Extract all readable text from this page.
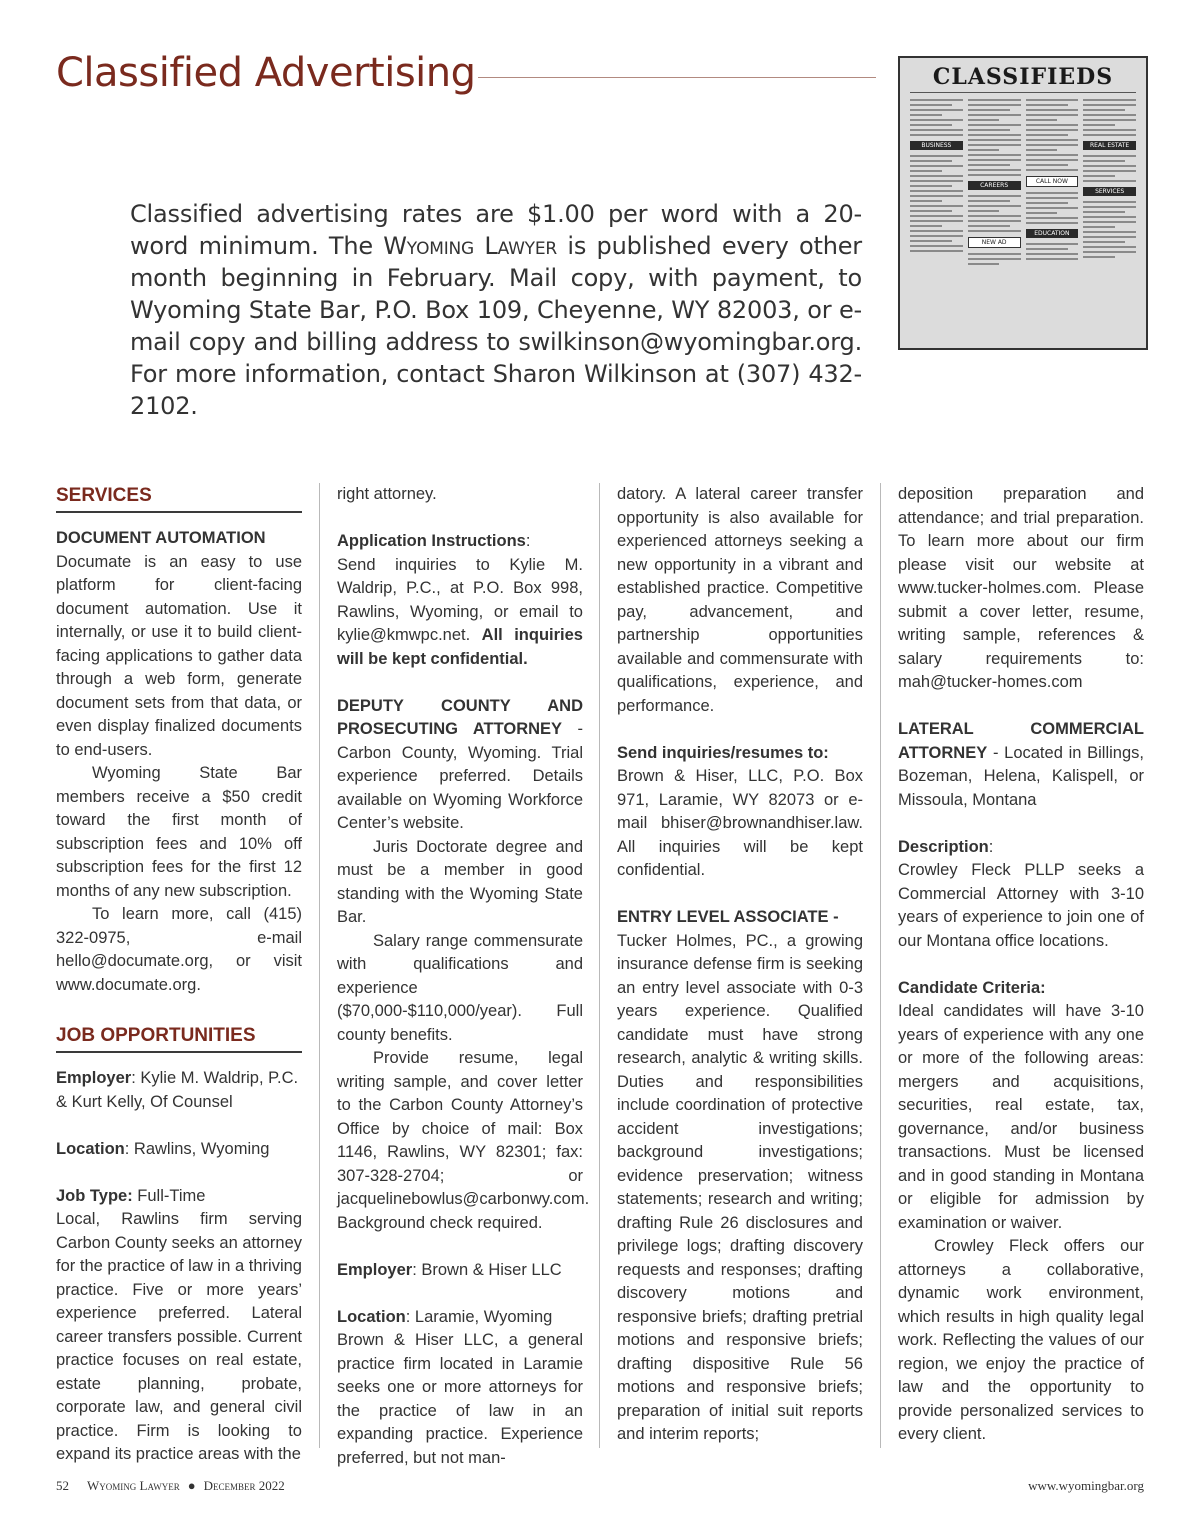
Classified Advertising	CLASSIFIEDS
BUSINESS
CAREERS
NEW AD
CALL NOW
EDUCATION
REAL ESTATE
SERVICES
Classified advertising rates are $1.00 per word with a 20-word minimum. The Wyoming Lawyer is published every other month beginning in February. Mail copy, with payment, to Wyoming State Bar, P.O. Box 109, Cheyenne, WY 82003, or e-mail copy and billing address to swilkinson@wyomingbar.org. For more information, contact Sharon Wilkinson at (307) 432-2102.
SERVICES

DOCUMENT AUTOMATION

Documate is an easy to use platform for client-facing document automation. Use it internally, or use it to build client-facing applications to gather data through a web form, generate document sets from that data, or even display finalized documents to end-users.

Wyoming State Bar members receive a $50 credit toward the first month of subscription fees and 10% off subscription fees for the first 12 months of any new subscription.

To learn more, call (415) 322-0975, e-mail hello@documate.org, or visit www.documate.org.

JOB OPPORTUNITIES

Employer: Kylie M. Waldrip, P.C. & Kurt Kelly, Of Counsel

Location: Rawlins, Wyoming

Job Type: Full-Time

Local, Rawlins firm serving Carbon County seeks an attorney for the practice of law in a thriving practice. Five or more years’ experience preferred. Lateral career transfers possible. Current practice focuses on real estate, estate planning, probate, corporate law, and general civil practice. Firm is looking to expand its practice areas with the

right attorney.

Application Instructions:

Send inquiries to Kylie M. Waldrip, P.C., at P.O. Box 998, Rawlins, Wyoming, or email to kylie@kmwpc.net. All inquiries will be kept confidential.

DEPUTY COUNTY AND PROSECUTING ATTORNEY - Carbon County, Wyoming. Trial experience preferred. Details available on Wyoming Workforce Center’s website.

Juris Doctorate degree and must be a member in good standing with the Wyoming State Bar.

Salary range commensurate with qualifications and experience ($70,000-$110,000/year). Full county benefits.

Provide resume, legal writing sample, and cover letter to the Carbon County Attorney’s Office by choice of mail: Box 1146, Rawlins, WY 82301; fax: 307-328-2704; or jacquelinebowlus@carbonwy.com. Background check required.

Employer: Brown & Hiser LLC

Location: Laramie, Wyoming

Brown & Hiser LLC, a general practice firm located in Laramie seeks one or more attorneys for the practice of law in an expanding practice. Experience preferred, but not man-

datory. A lateral career transfer opportunity is also available for experienced attorneys seeking a new opportunity in a vibrant and established practice. Competitive pay, advancement, and partnership opportunities available and commensurate with qualifications, experience, and performance.

Send inquiries/resumes to:

Brown & Hiser, LLC, P.O. Box 971, Laramie, WY 82073 or e-mail bhiser@brownandhiser.law. All inquiries will be kept confidential.

ENTRY LEVEL ASSOCIATE -

Tucker Holmes, PC., a growing insurance defense firm is seeking an entry level associate with 0-3 years experience. Qualified candidate must have strong research, analytic & writing skills. Duties and responsibilities include coordination of protective accident investigations; background investigations; evidence preservation; witness statements; research and writing; drafting Rule 26 disclosures and privilege logs; drafting discovery requests and responses; drafting discovery motions and responsive briefs; drafting pretrial motions and responsive briefs; drafting dispositive Rule 56 motions and responsive briefs; preparation of initial suit reports and interim reports;

deposition preparation and attendance; and trial preparation. To learn more about our firm please visit our website at www.tucker-holmes.com. Please submit a cover letter, resume, writing sample, references & salary requirements to: mah@tucker-homes.com

LATERAL COMMERCIAL ATTORNEY - Located in Billings, Bozeman, Helena, Kalispell, or Missoula, Montana

Description:

Crowley Fleck PLLP seeks a Commercial Attorney with 3-10 years of experience to join one of our Montana office locations.

Candidate Criteria:

Ideal candidates will have 3-10 years of experience with any one or more of the following areas: mergers and acquisitions, securities, real estate, tax, governance, and/or business transactions. Must be licensed and in good standing in Montana or eligible for admission by examination or waiver.

Crowley Fleck offers our attorneys a collaborative, dynamic work environment, which results in high quality legal work. Reflecting the values of our region, we enjoy the practice of law and the opportunity to provide personalized services to every client.

52 Wyoming Lawyer ● December 2022	www.wyomingbar.org
